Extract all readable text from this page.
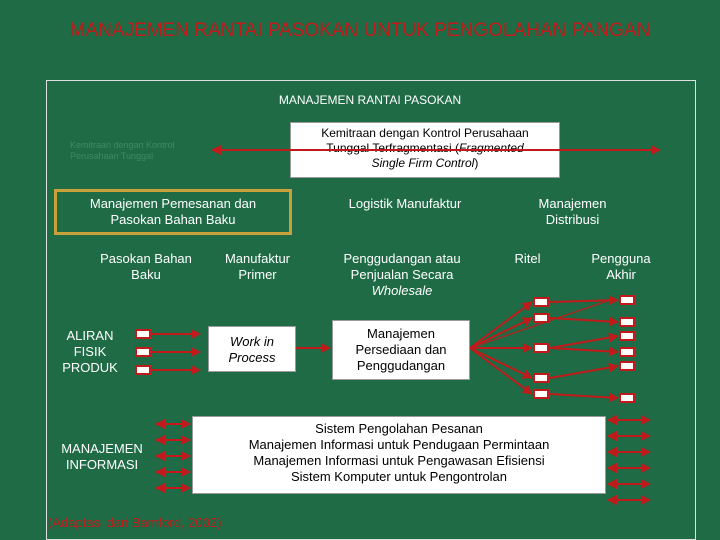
MANAJEMEN RANTAI PASOKAN UNTUK PENGOLAHAN PANGAN
MANAJEMEN RANTAI PASOKAN
Kemitraan dengan Kontrol Perusahaan Tunggal
Kemitraan dengan Kontrol Perusahaan
Tunggal Terfragmentasi (Fragmented
Single Firm Control)
Manajemen Pemesanan dan Pasokan Bahan Baku
Logistik Manufaktur	Manajemen Distribusi
Pasokan Bahan Baku
Manufaktur Primer
Penggudangan atau Penjualan Secara
Wholesale
Ritel	Pengguna Akhir
ALIRAN FISIK PRODUK
MANAJEMEN INFORMASI
Work in Process
Manajemen Persediaan dan Penggudangan
Sistem Pengolahan Pesanan
Manajemen Informasi untuk Pendugaan Permintaan
Manajemen Informasi untuk Pengawasan Efisiensi
Sistem Komputer untuk Pengontrolan
(Adaptasi dari Bamford, 2002)
